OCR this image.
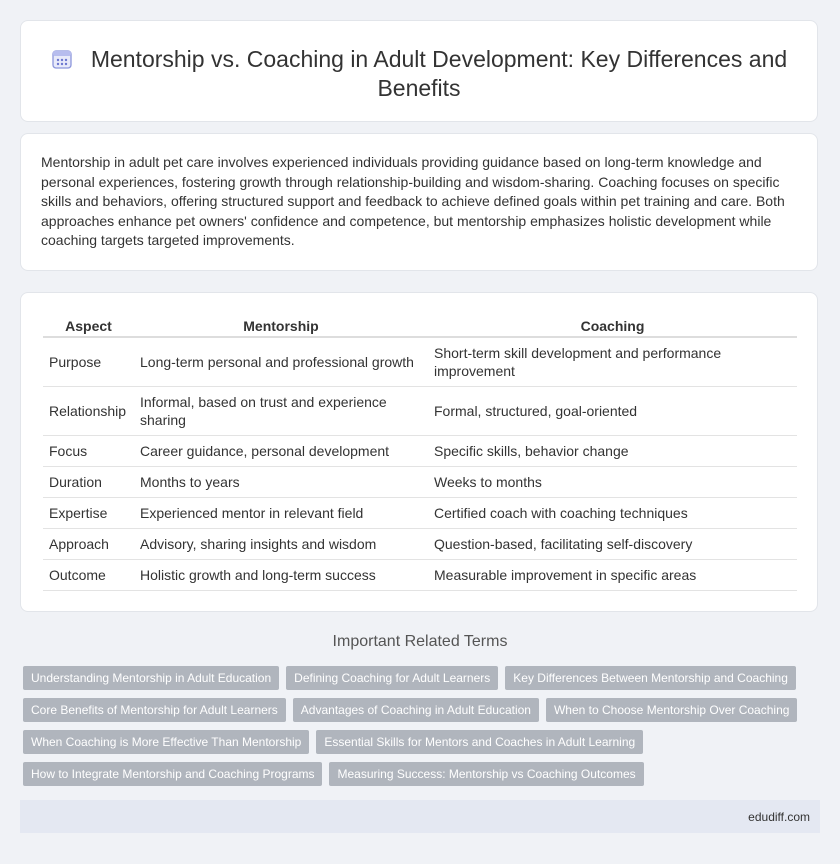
Mentorship vs. Coaching in Adult Development: Key Differences and Benefits
Mentorship in adult pet care involves experienced individuals providing guidance based on long-term knowledge and personal experiences, fostering growth through relationship-building and wisdom-sharing. Coaching focuses on specific skills and behaviors, offering structured support and feedback to achieve defined goals within pet training and care. Both approaches enhance pet owners' confidence and competence, but mentorship emphasizes holistic development while coaching targets targeted improvements.
Aspect	Mentorship	Coaching
Purpose	Long-term personal and professional growth	Short-term skill development and performance improvement
Relationship	Informal, based on trust and experience sharing	Formal, structured, goal-oriented
Focus	Career guidance, personal development	Specific skills, behavior change
Duration	Months to years	Weeks to months
Expertise	Experienced mentor in relevant field	Certified coach with coaching techniques
Approach	Advisory, sharing insights and wisdom	Question-based, facilitating self-discovery
Outcome	Holistic growth and long-term success	Measurable improvement in specific areas
Important Related Terms
Understanding Mentorship in Adult Education Defining Coaching for Adult Learners Key Differences Between Mentorship and Coaching
Core Benefits of Mentorship for Adult Learners Advantages of Coaching in Adult Education When to Choose Mentorship Over Coaching
When Coaching is More Effective Than Mentorship Essential Skills for Mentors and Coaches in Adult Learning
How to Integrate Mentorship and Coaching Programs Measuring Success: Mentorship vs Coaching Outcomes
edudiff.com
